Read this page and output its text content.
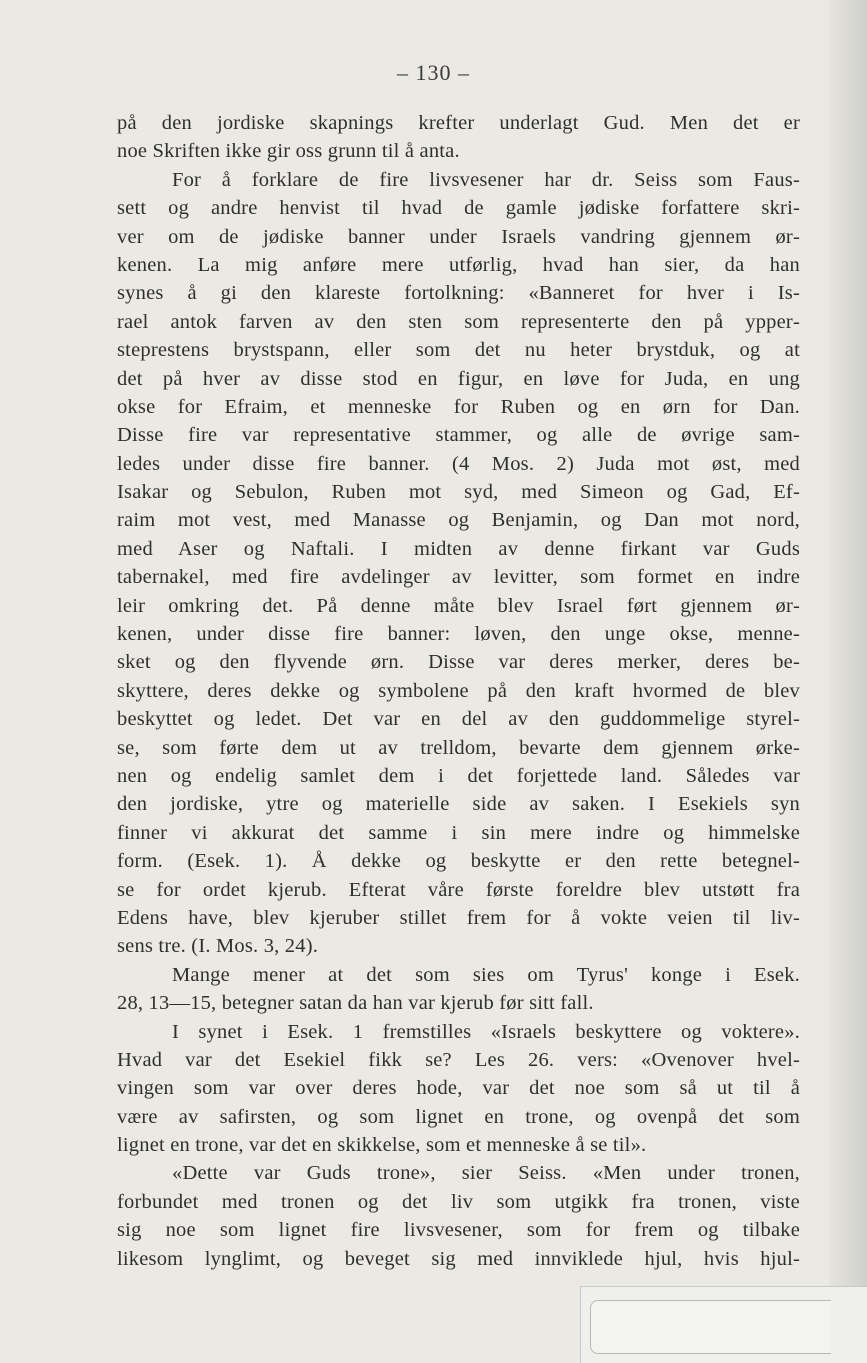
– 130 –
på den jordiske skapnings krefter underlagt Gud. Men det er
noe Skriften ikke gir oss grunn til å anta.
For å forklare de fire livsvesener har dr. Seiss som Faus‑
sett og andre henvist til hvad de gamle jødiske forfattere skri‑
ver om de jødiske banner under Israels vandring gjennem ør‑
kenen. La mig anføre mere utførlig, hvad han sier, da han
synes å gi den klareste fortolkning: «Banneret for hver i Is‑
rael antok farven av den sten som representerte den på ypper‑
steprestens brystspann, eller som det nu heter brystduk, og at
det på hver av disse stod en figur, en løve for Juda, en ung
okse for Efraim, et menneske for Ruben og en ørn for Dan.
Disse fire var representative stammer, og alle de øvrige sam‑
ledes under disse fire banner. (4 Mos. 2) Juda mot øst, med
Isakar og Sebulon, Ruben mot syd, med Simeon og Gad, Ef‑
raim mot vest, med Manasse og Benjamin, og Dan mot nord,
med Aser og Naftali. I midten av denne firkant var Guds
tabernakel, med fire avdelinger av levitter, som formet en indre
leir omkring det. På denne måte blev Israel ført gjennem ør‑
kenen, under disse fire banner: løven, den unge okse, menne‑
sket og den flyvende ørn. Disse var deres merker, deres be‑
skyttere, deres dekke og symbolene på den kraft hvormed de blev
beskyttet og ledet. Det var en del av den guddommelige styrel‑
se, som førte dem ut av trelldom, bevarte dem gjennem ørke‑
nen og endelig samlet dem i det forjettede land. Således var
den jordiske, ytre og materielle side av saken. I Esekiels syn
finner vi akkurat det samme i sin mere indre og himmelske
form. (Esek. 1). Å dekke og beskytte er den rette betegnel‑
se for ordet kjerub. Efterat våre første foreldre blev utstøtt fra
Edens have, blev kjeruber stillet frem for å vokte veien til liv‑
sens tre. (I. Mos. 3, 24).
Mange mener at det som sies om Tyrus' konge i Esek.
28, 13—15, betegner satan da han var kjerub før sitt fall.
I synet i Esek. 1 fremstilles «Israels beskyttere og voktere».
Hvad var det Esekiel fikk se? Les 26. vers: «Ovenover hvel‑
vingen som var over deres hode, var det noe som så ut til å
være av safirsten, og som lignet en trone, og ovenpå det som
lignet en trone, var det en skikkelse, som et menneske å se til».
«Dette var Guds trone», sier Seiss. «Men under tronen,
forbundet med tronen og det liv som utgikk fra tronen, viste
sig noe som lignet fire livsvesener, som for frem og tilbake
likesom lynglimt, og beveget sig med innviklede hjul, hvis hjul‑
